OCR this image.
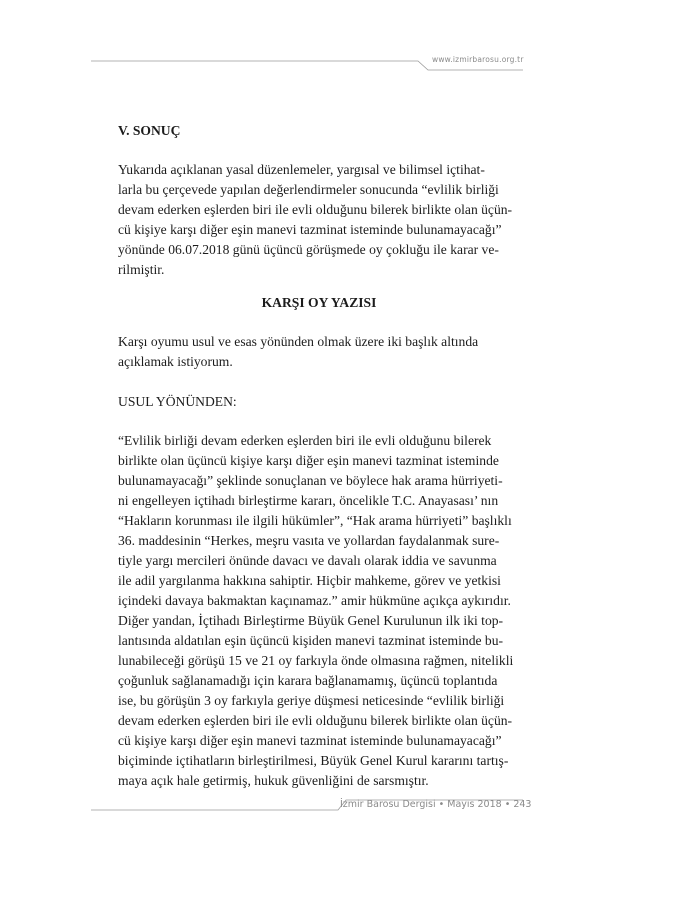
www.izmirbarosu.org.tr
V. SONUÇ

Yukarıda açıklanan yasal düzenlemeler, yargısal ve bilimsel içtihat-

larla bu çerçevede yapılan değerlendirmeler sonucunda “evlilik birliği

devam ederken eşlerden biri ile evli olduğunu bilerek birlikte olan üçün-

cü kişiye karşı diğer eşin manevi tazminat isteminde bulunamayacağı”

yönünde 06.07.2018 günü üçüncü görüşmede oy çokluğu ile karar ve-

rilmiştir.

KARŞI OY YAZISI

Karşı oyumu usul ve esas yönünden olmak üzere iki başlık altında

açıklamak istiyorum.

USUL YÖNÜNDEN:

“Evlilik birliği devam ederken eşlerden biri ile evli olduğunu bilerek

birlikte olan üçüncü kişiye karşı diğer eşin manevi tazminat isteminde

bulunamayacağı” şeklinde sonuçlanan ve böylece hak arama hürriyeti-

ni engelleyen içtihadı birleştirme kararı, öncelikle T.C. Anayasası’ nın

“Hakların korunması ile ilgili hükümler”, “Hak arama hürriyeti” başlıklı

36. maddesinin “Herkes, meşru vasıta ve yollardan faydalanmak sure-

tiyle yargı mercileri önünde davacı ve davalı olarak iddia ve savunma

ile adil yargılanma hakkına sahiptir. Hiçbir mahkeme, görev ve yetkisi

içindeki davaya bakmaktan kaçınamaz.” amir hükmüne açıkça aykırıdır.

Diğer yandan, İçtihadı Birleştirme Büyük Genel Kurulunun ilk iki top-

lantısında aldatılan eşin üçüncü kişiden manevi tazminat isteminde bu-

lunabileceği görüşü 15 ve 21 oy farkıyla önde olmasına rağmen, nitelikli

çoğunluk sağlanamadığı için karara bağlanamamış, üçüncü toplantıda

ise, bu görüşün 3 oy farkıyla geriye düşmesi neticesinde “evlilik birliği

devam ederken eşlerden biri ile evli olduğunu bilerek birlikte olan üçün-

cü kişiye karşı diğer eşin manevi tazminat isteminde bulunamayacağı”

biçiminde içtihatların birleştirilmesi, Büyük Genel Kurul kararını tartış-

maya açık hale getirmiş, hukuk güvenliğini de sarsmıştır.

İzmir Barosu Dergisi • Mayıs 2018 • 243
